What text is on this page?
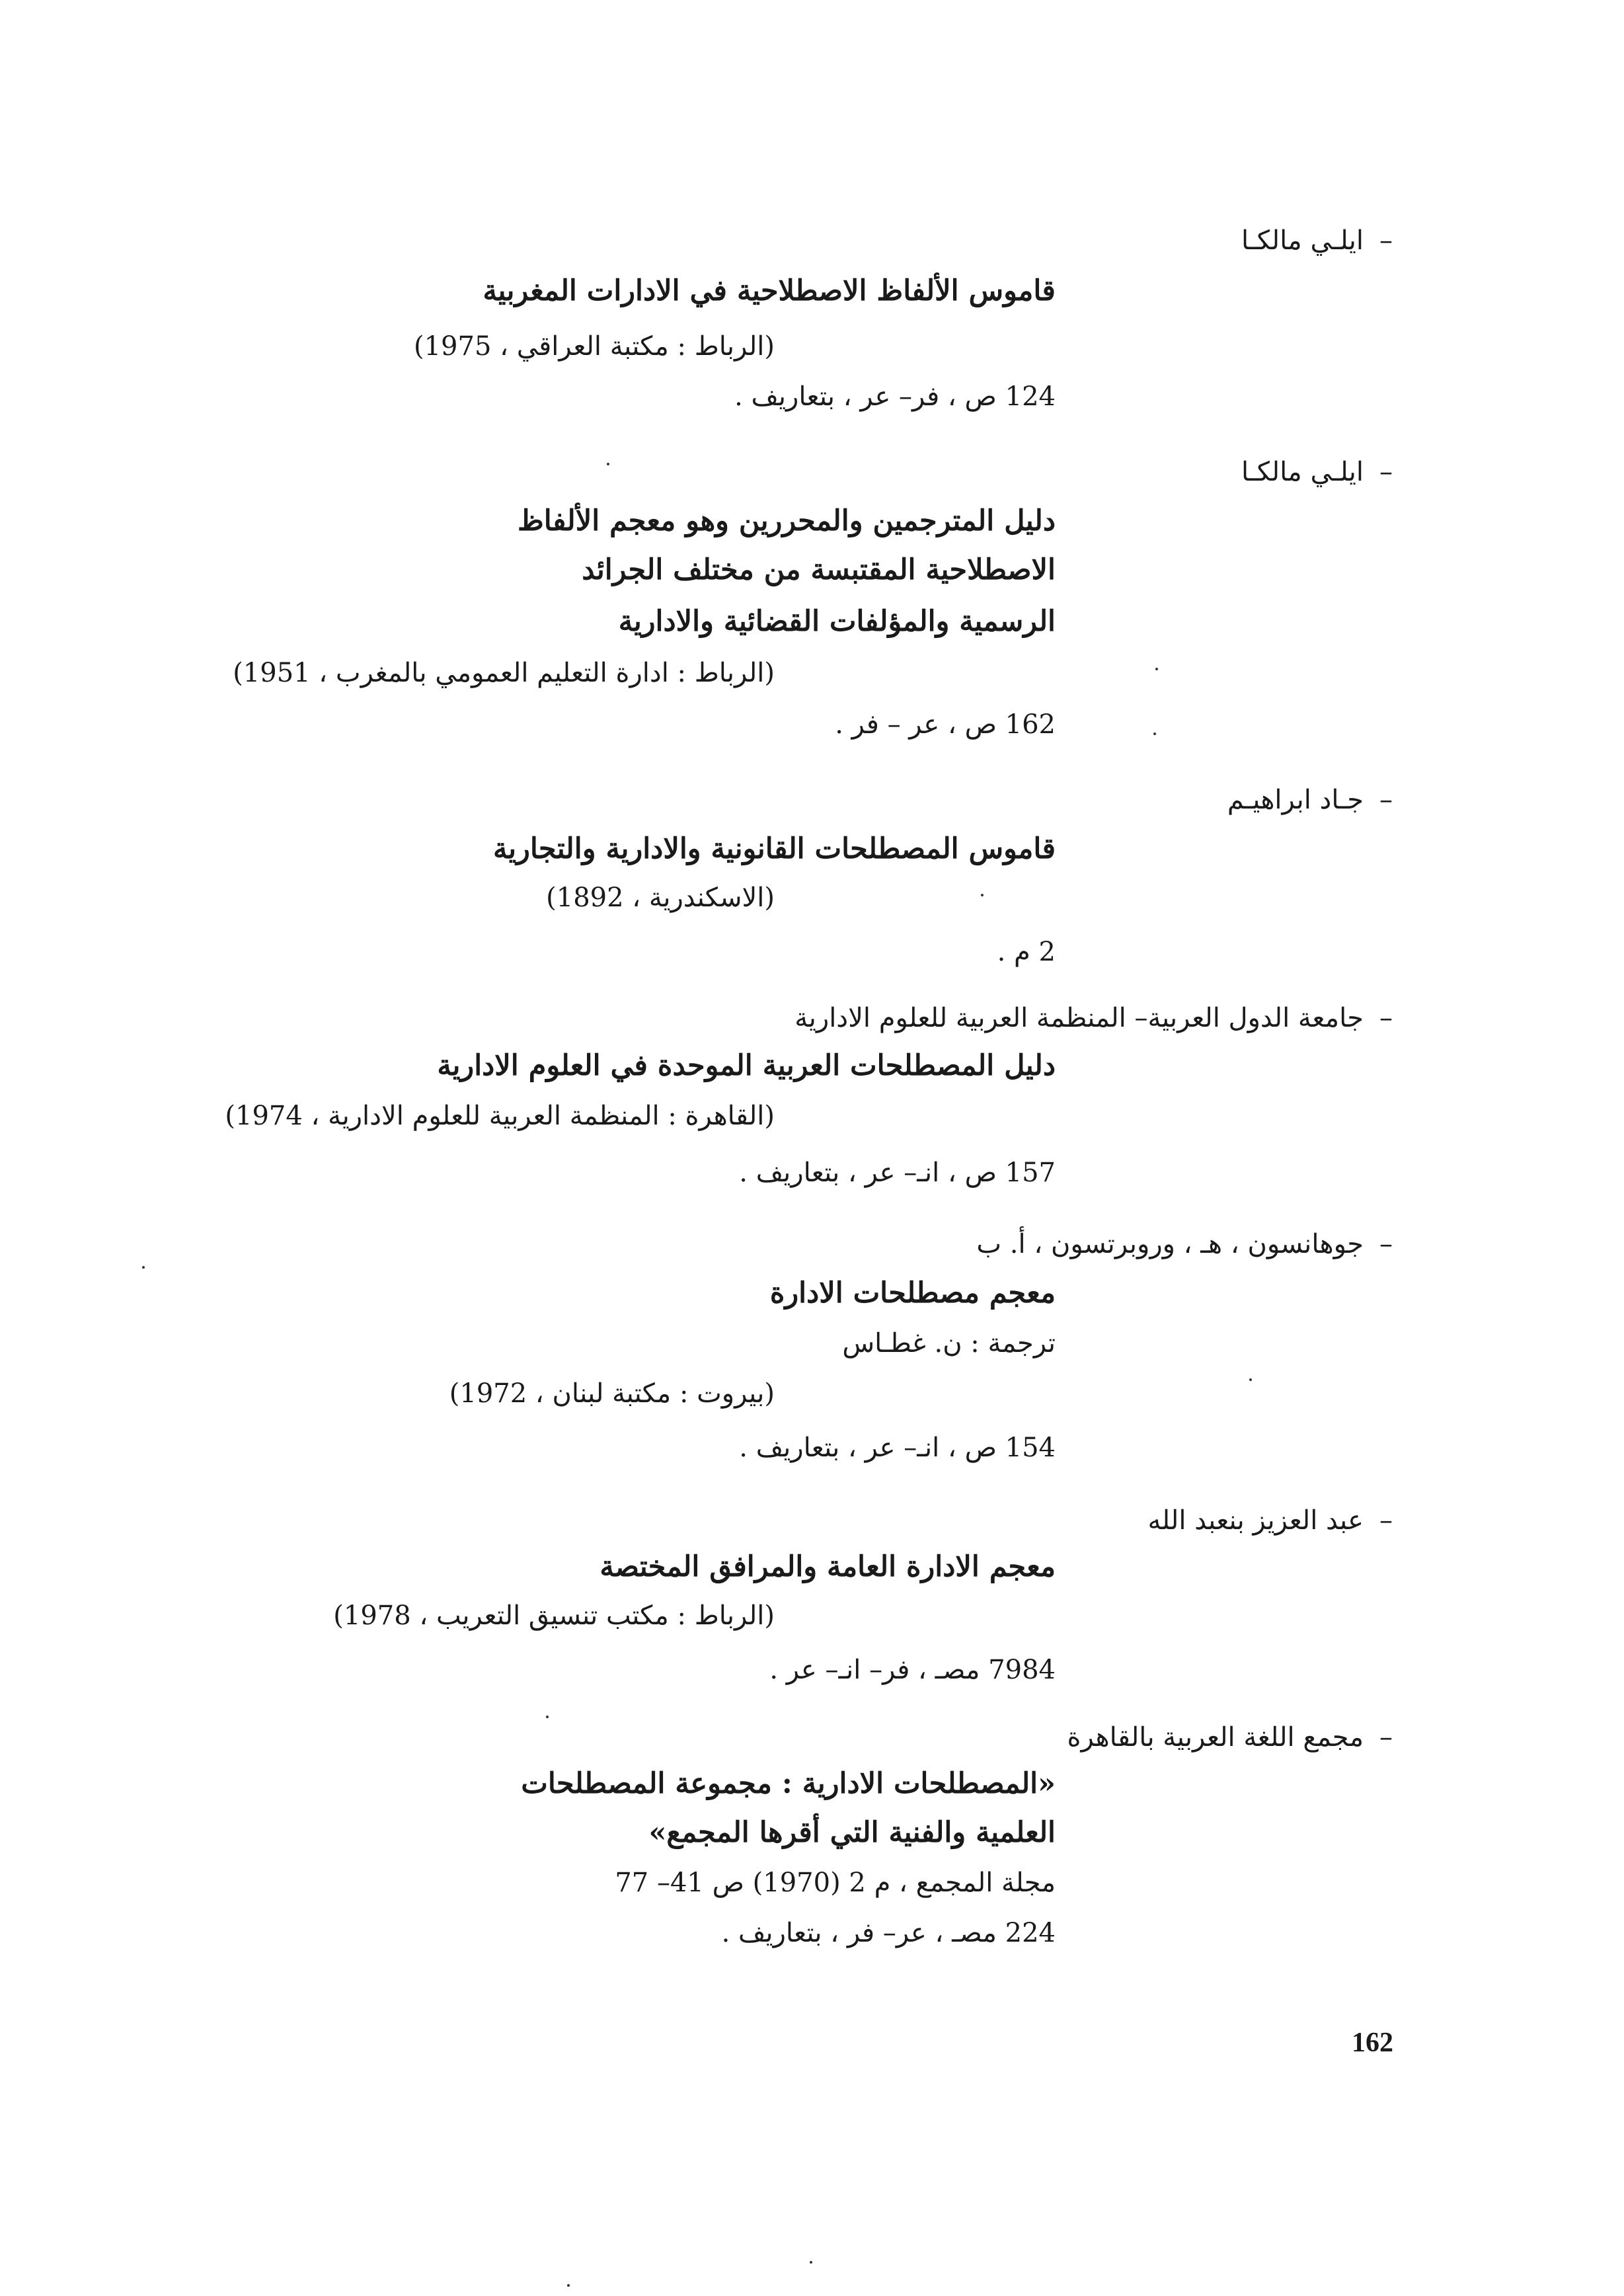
–ايلـي مالكـا
قاموس الألفاظ الاصطلاحية في الادارات المغربية
(الرباط : مكتبة العراقي ، 1975)
124 ص ، فر– عر ، بتعاريف .
–ايلـي مالكـا
دليل المترجمين والمحررين وهو معجم الألفاظ
الاصطلاحية المقتبسة من مختلف الجرائد
الرسمية والمؤلفات القضائية والادارية
(الرباط : ادارة التعليم العمومي بالمغرب ، 1951)
162 ص ، عر – فر .
–جـاد ابراهيـم
قاموس المصطلحات القانونية والادارية والتجارية
(الاسكندرية ، 1892)
2 م .
–جامعة الدول العربية– المنظمة العربية للعلوم الادارية
دليل المصطلحات العربية الموحدة في العلوم الادارية
(القاهرة : المنظمة العربية للعلوم الادارية ، 1974)
157 ص ، انـ– عر ، بتعاريف .
–جوهانسون ، هـ ، وروبرتسون ، أ. ب
معجم مصطلحات الادارة
ترجمة : ن. غطـاس
(بيروت : مكتبة لبنان ، 1972)
154 ص ، انـ– عر ، بتعاريف .
–عبد العزيز بنعبد الله
معجم الادارة العامة والمرافق المختصة
(الرباط : مكتب تنسيق التعريب ، 1978)
7984 مصـ ، فر– انـ– عر .
–مجمع اللغة العربية بالقاهرة
«المصطلحات الادارية : مجموعة المصطلحات
العلمية والفنية التي أقرها المجمع»
مجلة المجمع ، م 2 (1970) ص 41– 77
224 مصـ ، عر– فر ، بتعاريف .
162
